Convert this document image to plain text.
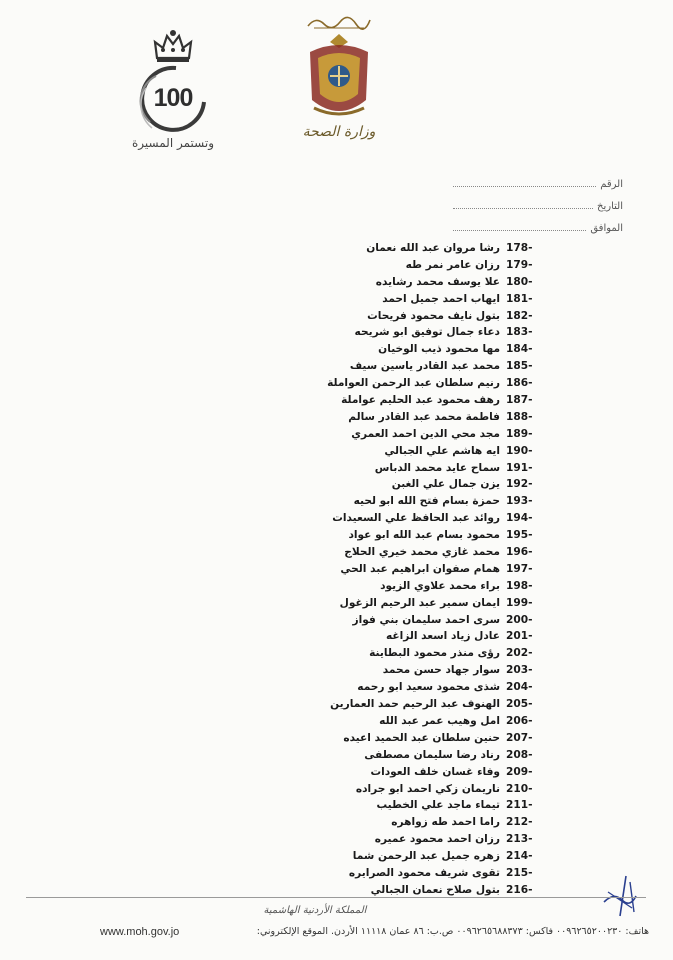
100
وتستمر المسيرة
وزارة الصحة
الرقم
التاريخ
الموافق
178-
رشا مروان عبد الله نعمان
179-
رزان عامر نمر طه
180-
علا يوسف محمد رشايده
181-
ايهاب احمد جميل احمد
182-
بتول نايف محمود فريحات
183-
دعاء جمال توفيق ابو شريحه
184-
مها محمود ذيب الوخيان
185-
محمد عبد القادر ياسين سيف
186-
رنيم سلطان عبد الرحمن العواملة
187-
رهف محمود عبد الحليم عواملة
188-
فاطمة محمد عبد القادر سالم
189-
مجد محي الدين احمد العمري
190-
ايه هاشم علي الجبالي
191-
سماح عايد محمد الدباس
192-
يزن جمال علي الغبن
193-
حمزة بسام فتح الله ابو لحيه
194-
روائد عبد الحافظ علي السعيدات
195-
محمود بسام عبد الله ابو عواد
196-
محمد غازي محمد خيري الحلاج
197-
همام صفوان ابراهيم عبد الحي
198-
براء محمد علاوي الزيود
199-
ايمان سمير عبد الرحيم الزغول
200-
سرى احمد سليمان بني فواز
201-
عادل زياد اسعد الزاغه
202-
رؤى منذر محمود البطاينة
203-
سوار جهاد حسن محمد
204-
شذى محمود سعيد ابو رحمه
205-
الهنوف عبد الرحيم حمد العمارين
206-
امل وهيب عمر عبد الله
207-
حنين سلطان عبد الحميد اعيده
208-
رناد رضا سليمان مصطفى
209-
وفاء غسان خلف العودات
210-
ناريمان زكي احمد ابو جراده
211-
تيماء ماجد علي الخطيب
212-
راما احمد طه زواهره
213-
رزان احمد محمود عميره
214-
زهره جميل عبد الرحمن شما
215-
تقوى شريف محمود الصرايره
216-
بتول صلاح نعمان الجبالي
المملكة الأردنية الهاشمية
هاتف: ٠٠٩٦٢٦٥٢٠٠٢٣٠ فاكس: ٠٠٩٦٢٦٥٦٨٨٣٧٣ ص.ب: ٨٦ عمان ١١١١٨ الأردن. الموقع الإلكتروني:
www.moh.gov.jo
